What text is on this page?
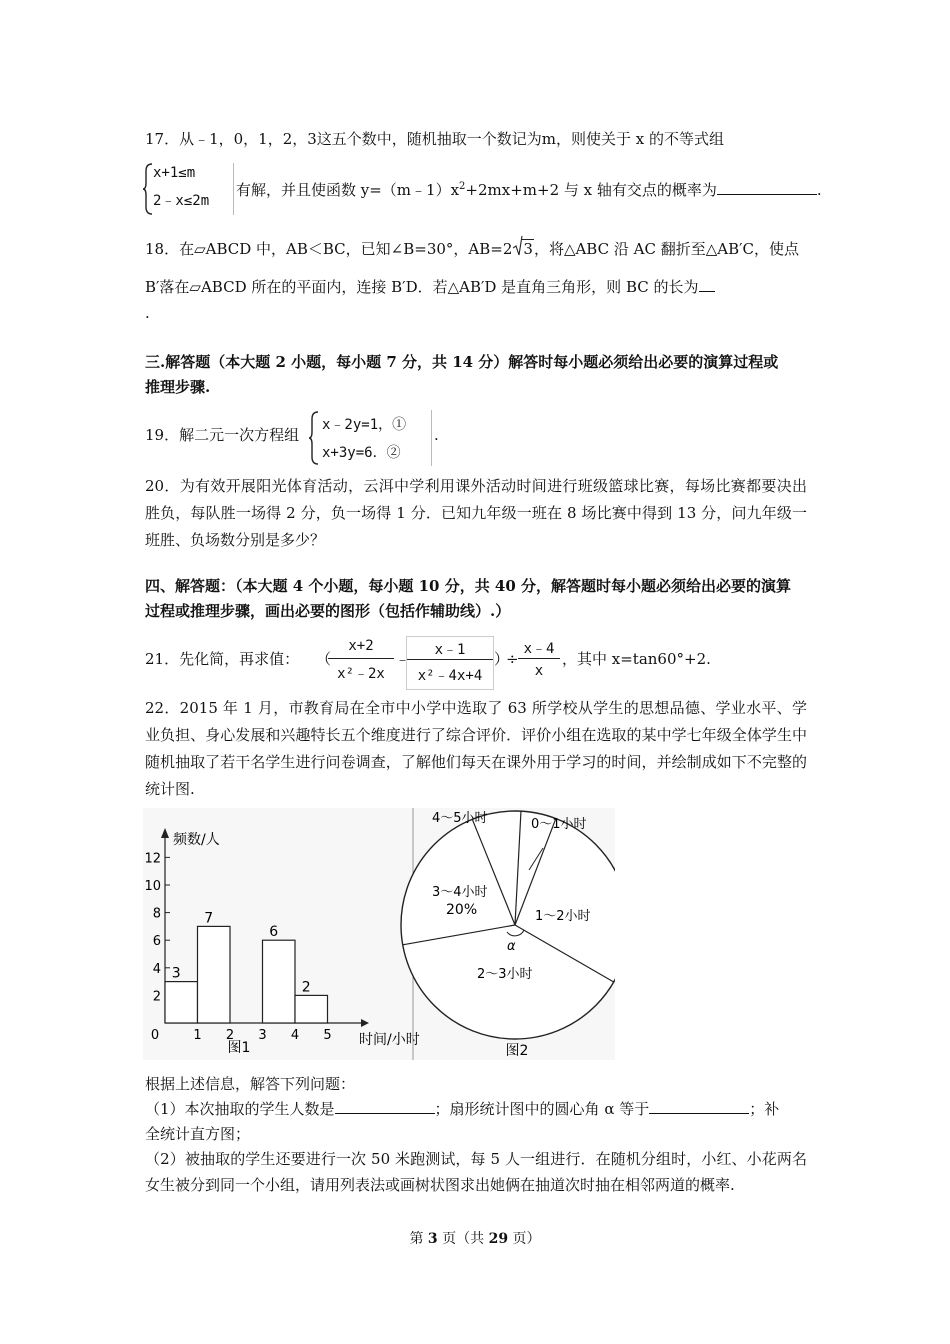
17．从﹣1，0，1，2，3这五个数中，随机抽取一个数记为m，则使关于 x 的不等式组
x+1≤m
2﹣x≤2m
有解，并且使函数 $y=(m﹣1)x^2+2mx+m+2$ 与 x 轴有交点的概率为	.
18．在▱ABCD 中，AB＜BC，已知∠B=30°，AB=2 3，将△ABC 沿 AC 翻折至△AB′C，使点
B′落在▱ABCD 所在的平面内，连接 B′D．若△AB′D 是直角三角形，则 BC 的长为
.
三.解答题（本大题 2 小题，每小题 7 分，共 14 分）解答时每小题必须给出必要的演算过程或
推理步骤.
19．解二元一次方程组
x﹣2y=1，①
x+3y=6．②
.
20．为有效开展阳光体育活动，云洱中学利用课外活动时间进行班级篮球比赛，每场比赛都要决出胜负，每队胜一场得 2 分，负一场得 1 分．已知九年级一班在 8 场比赛中得到 13 分，问九年级一班胜、负场数分别是多少？
四、解答题：（本大题 4 个小题，每小题 10 分，共 40 分，解答题时每小题必须给出必要的演算
过程或推理步骤，画出必要的图形（包括作辅助线）.）
21．先化简，再求值： （
x+2
x²﹣2x
﹣	x﹣1
x²﹣4x+4
）
÷
x﹣4
x
，其中 x=tan60°+2.
22．2015 年 1 月，市教育局在全市中小学中选取了 63 所学校从学生的思想品德、学业水平、学业负担、身心发展和兴趣特长五个维度进行了综合评价．评价小组在选取的某中学七年级全体学生中随机抽取了若干名学生进行问卷调查，了解他们每天在课外用于学习的时间，并绘制成如下不完整的统计图.
频数/人
时间/小时
2
4
6
8
10
12
0	1 2 3 4 5
3
7
6
2
图1
4～5小时	0～1小时
1～2小时
2～3小时
3～4小时
20%
α
图2
根据上述信息，解答下列问题：
（1）本次抽取的学生人数是	；扇形统计图中的圆心角 α 等于	；补
全统计直方图；
（2）被抽取的学生还要进行一次 50 米跑测试，每 5 人一组进行．在随机分组时，小红、小花两名女生被分到同一个小组，请用列表法或画树状图求出她俩在抽道次时抽在相邻两道的概率.
第 3 页（共 29 页）
